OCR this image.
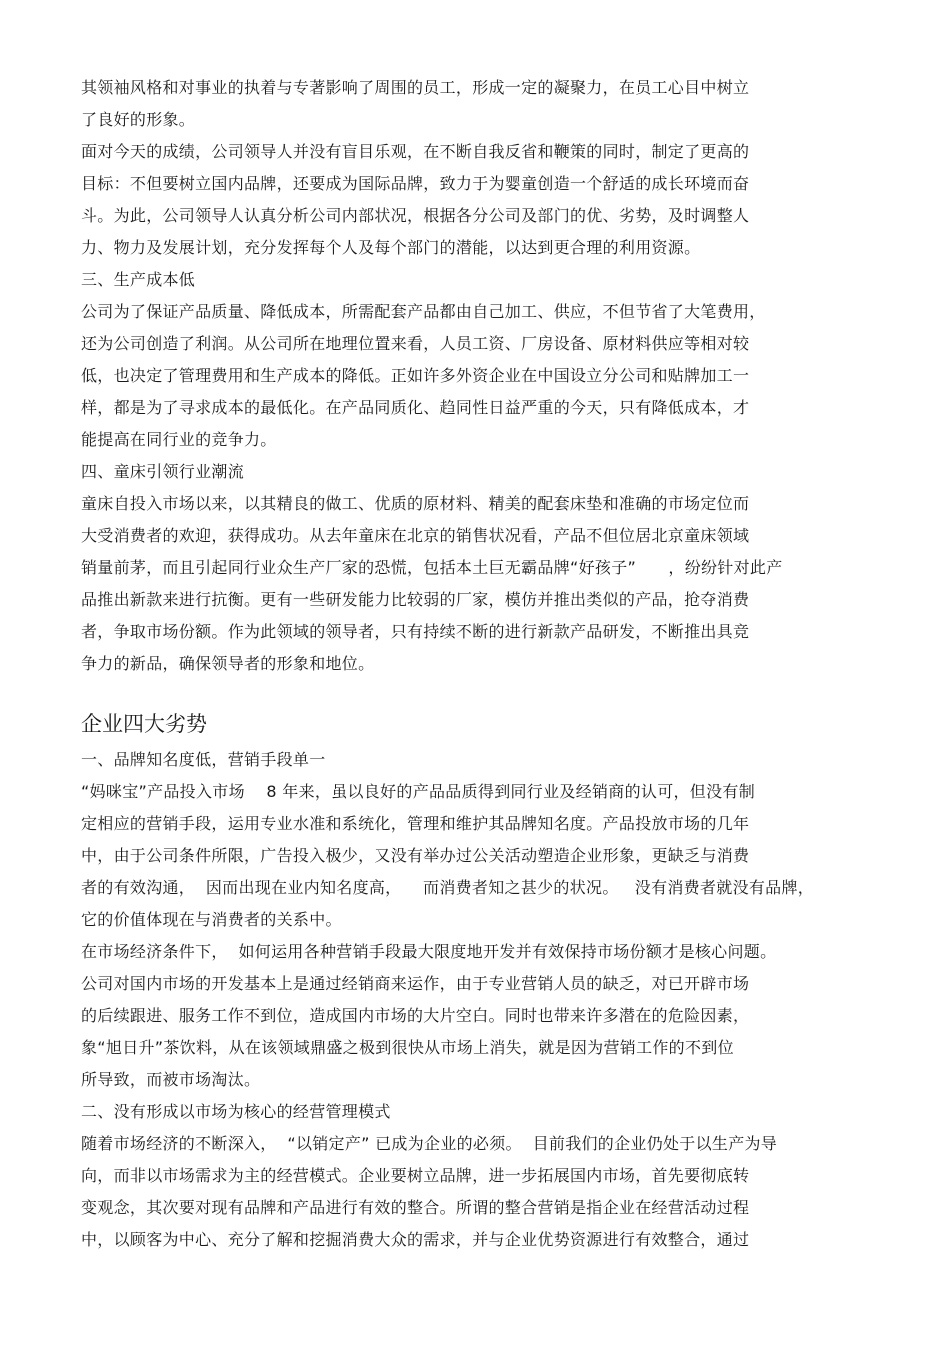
其领袖风格和对事业的执着与专著影响了周围的员工，形成一定的凝聚力，在员工心目中树立
了良好的形象。
面对今天的成绩，公司领导人并没有盲目乐观，在不断自我反省和鞭策的同时，制定了更高的
目标：不但要树立国内品牌，还要成为国际品牌，致力于为婴童创造一个舒适的成长环境而奋
斗。为此，公司领导人认真分析公司内部状况，根据各分公司及部门的优、劣势，及时调整人
力、物力及发展计划，充分发挥每个人及每个部门的潜能，以达到更合理的利用资源。
三、生产成本低
公司为了保证产品质量、降低成本，所需配套产品都由自己加工、供应，不但节省了大笔费用，
还为公司创造了利润。从公司所在地理位置来看，人员工资、厂房设备、原材料供应等相对较
低，也决定了管理费用和生产成本的降低。正如许多外资企业在中国设立分公司和贴牌加工一
样，都是为了寻求成本的最低化。在产品同质化、趋同性日益严重的今天，只有降低成本，才
能提高在同行业的竞争力。
四、童床引领行业潮流
童床自投入市场以来，以其精良的做工、优质的原材料、精美的配套床垫和准确的市场定位而
大受消费者的欢迎，获得成功。从去年童床在北京的销售状况看，产品不但位居北京童床领域
销量前茅，而且引起同行业众生产厂家的恐慌，包括本土巨无霸品牌“好孩子”      ，纷纷针对此产
品推出新款来进行抗衡。更有一些研发能力比较弱的厂家，模仿并推出类似的产品，抢夺消费
者，争取市场份额。作为此领域的领导者，只有持续不断的进行新款产品研发，不断推出具竞
争力的新品，确保领导者的形象和地位。
企业四大劣势
一、品牌知名度低，营销手段单一
“妈咪宝”产品投入市场    8 年来，虽以良好的产品品质得到同行业及经销商的认可，但没有制
定相应的营销手段，运用专业水准和系统化，管理和维护其品牌知名度。产品投放市场的几年
中，由于公司条件所限，广告投入极少，又没有举办过公关活动塑造企业形象，更缺乏与消费
者的有效沟通，  因而出现在业内知名度高，    而消费者知之甚少的状况。   没有消费者就没有品牌，
它的价值体现在与消费者的关系中。
在市场经济条件下，  如何运用各种营销手段最大限度地开发并有效保持市场份额才是核心问题。
公司对国内市场的开发基本上是通过经销商来运作，由于专业营销人员的缺乏，对已开辟市场
的后续跟进、服务工作不到位，造成国内市场的大片空白。同时也带来许多潜在的危险因素，
象“旭日升”茶饮料，从在该领域鼎盛之极到很快从市场上消失，就是因为营销工作的不到位
所导致，而被市场淘汰。
二、没有形成以市场为核心的经营管理模式
随着市场经济的不断深入，  “以销定产” 已成为企业的必须。  目前我们的企业仍处于以生产为导
向，而非以市场需求为主的经营模式。企业要树立品牌，进一步拓展国内市场，首先要彻底转
变观念，其次要对现有品牌和产品进行有效的整合。所谓的整合营销是指企业在经营活动过程
中，以顾客为中心、充分了解和挖掘消费大众的需求，并与企业优势资源进行有效整合，通过
